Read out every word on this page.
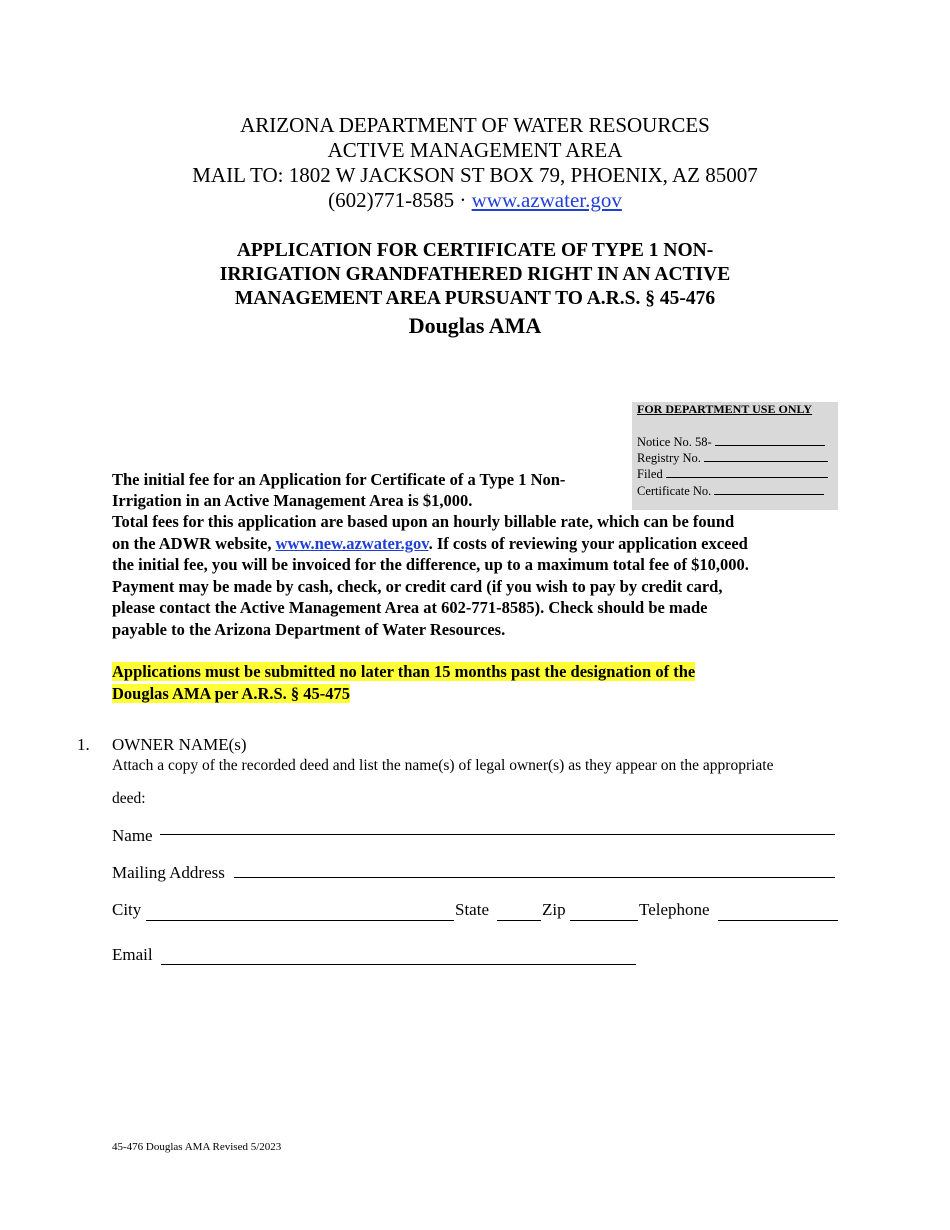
ARIZONA DEPARTMENT OF WATER RESOURCES
ACTIVE MANAGEMENT AREA
MAIL TO: 1802 W JACKSON ST BOX 79, PHOENIX, AZ 85007
(602)771-8585 · www.azwater.gov
APPLICATION FOR CERTIFICATE OF TYPE 1 NON-
IRRIGATION GRANDFATHERED RIGHT IN AN ACTIVE
MANAGEMENT AREA PURSUANT TO A.R.S. § 45-476
Douglas AMA
FOR DEPARTMENT USE ONLY
Notice No. 58-
Registry No.
Filed
Certificate No.
The initial fee for an Application for Certificate of a Type 1 Non-
Irrigation in an Active Management Area is $1,000.
Total fees for this application are based upon an hourly billable rate, which can be found
on the ADWR website, www.new.azwater.gov. If costs of reviewing your application exceed
the initial fee, you will be invoiced for the difference, up to a maximum total fee of $10,000.
Payment may be made by cash, check, or credit card (if you wish to pay by credit card,
please contact the Active Management Area at 602-771-8585). Check should be made
payable to the Arizona Department of Water Resources.
Applications must be submitted no later than 15 months past the designation of the
Douglas AMA per A.R.S. § 45-475
1. OWNER NAME(s)
Attach a copy of the recorded deed and list the name(s) of legal owner(s) as they appear on the appropriate
deed:
Name
Mailing Address
City	State	Zip	Telephone
Email
45-476 Douglas AMA Revised 5/2023
